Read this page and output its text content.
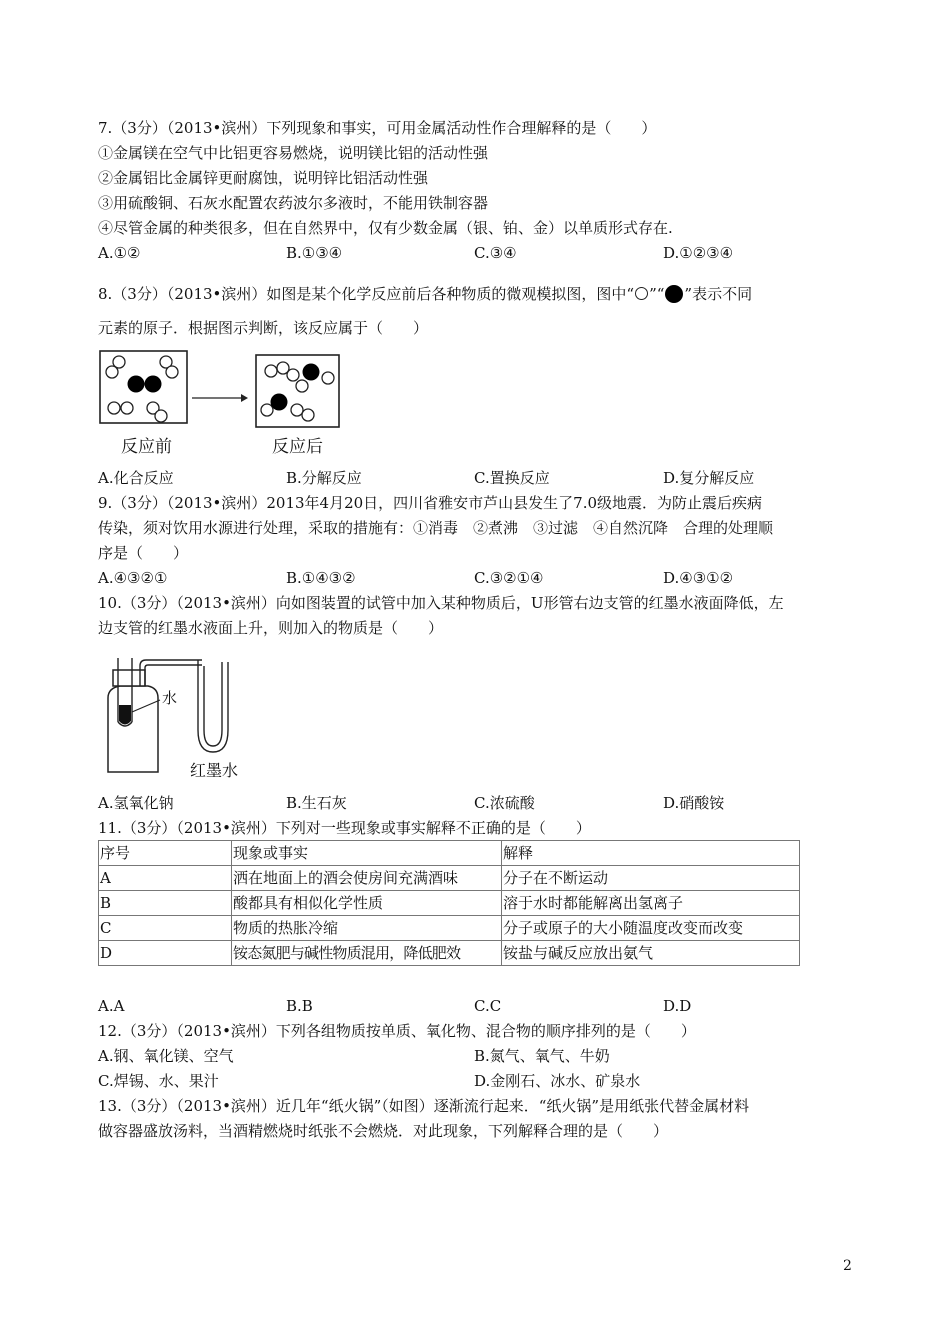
7.（3分）（2013•滨州）下列现象和事实，可用金属活动性作合理解释的是（　　）
①金属镁在空气中比铝更容易燃烧，说明镁比铝的活动性强
②金属铝比金属锌更耐腐蚀，说明锌比铝活动性强
③用硫酸铜、石灰水配置农药波尔多液时，不能用铁制容器
④尽管金属的种类很多，但在自然界中，仅有少数金属（银、铂、金）以单质形式存在.
A.①②	B.①③④	C.③④	D.①②③④
8.（3分）（2013•滨州）如图是某个化学反应前后各种物质的微观模拟图，图中“ ”“ ”表示不同
元素的原子．根据图示判断，该反应属于（　　）
反应前	反应后
A.化合反应	B.分解反应	C.置换反应	D.复分解反应
9.（3分）（2013•滨州）2013年4月20日，四川省雅安市芦山县发生了7.0级地震．为防止震后疾病
传染，须对饮用水源进行处理，采取的措施有：①消毒　②煮沸　③过滤　④自然沉降　合理的处理顺
序是（　　）
A.④③②①	B.①④③②	C.③②①④	D.④③①②
10.（3分）（2013•滨州）向如图装置的试管中加入某种物质后，U形管右边支管的红墨水液面降低，左
边支管的红墨水液面上升，则加入的物质是（　　）
水
红墨水
A.氢氧化钠	B.生石灰	C.浓硫酸	D.硝酸铵
11.（3分）（2013•滨州）下列对一些现象或事实解释不正确的是（　　）
序号	现象或事实	解释
A	洒在地面上的酒会使房间充满酒味	分子在不断运动
B	酸都具有相似化学性质	溶于水时都能解离出氢离子
C	物质的热胀冷缩	分子或原子的大小随温度改变而改变
D	铵态氮肥与碱性物质混用，降低肥效	铵盐与碱反应放出氨气
A.A	B.B	C.C	D.D
12.（3分）（2013•滨州）下列各组物质按单质、氧化物、混合物的顺序排列的是（　　）
A.钢、氧化镁、空气	B.氮气、氧气、牛奶
C.焊锡、水、果汁	D.金刚石、冰水、矿泉水
13.（3分）（2013•滨州）近几年“纸火锅”（如图）逐渐流行起来．“纸火锅”是用纸张代替金属材料
做容器盛放汤料，当酒精燃烧时纸张不会燃烧．对此现象，下列解释合理的是（　　）
2
